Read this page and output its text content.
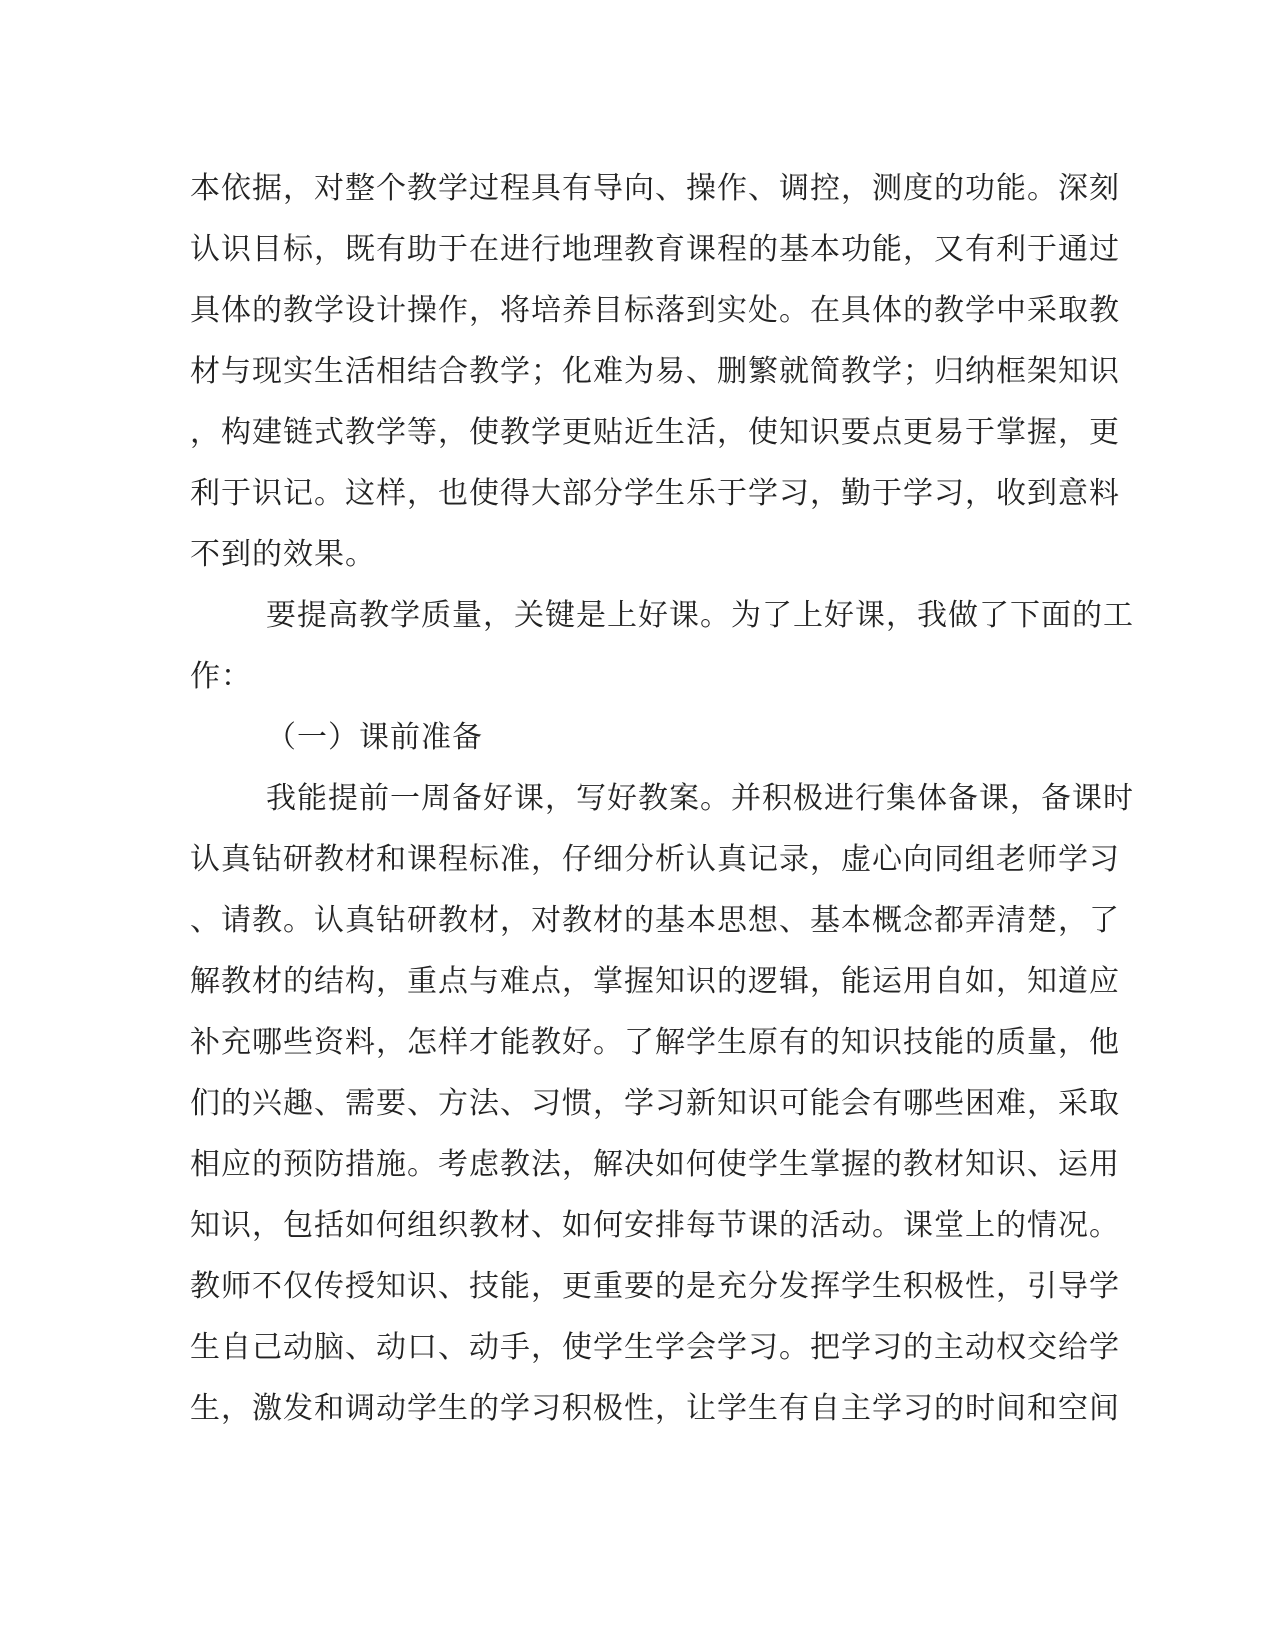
本依据，对整个教学过程具有导向、操作、调控，测度的功能。深刻
认识目标，既有助于在进行地理教育课程的基本功能，又有利于通过
具体的教学设计操作，将培养目标落到实处。在具体的教学中采取教
材与现实生活相结合教学；化难为易、删繁就简教学；归纳框架知识
，构建链式教学等，使教学更贴近生活，使知识要点更易于掌握，更
利于识记。这样，也使得大部分学生乐于学习，勤于学习，收到意料
不到的效果。
要提高教学质量，关键是上好课。为了上好课，我做了下面的工
作：
（一）课前准备
我能提前一周备好课，写好教案。并积极进行集体备课，备课时
认真钻研教材和课程标准，仔细分析认真记录，虚心向同组老师学习
、请教。认真钻研教材，对教材的基本思想、基本概念都弄清楚，了
解教材的结构，重点与难点，掌握知识的逻辑，能运用自如，知道应
补充哪些资料，怎样才能教好。了解学生原有的知识技能的质量，他
们的兴趣、需要、方法、习惯，学习新知识可能会有哪些困难，采取
相应的预防措施。考虑教法，解决如何使学生掌握的教材知识、运用
知识，包括如何组织教材、如何安排每节课的活动。课堂上的情况。
教师不仅传授知识、技能，更重要的是充分发挥学生积极性，引导学
生自己动脑、动口、动手，使学生学会学习。把学习的主动权交给学
生，激发和调动学生的学习积极性，让学生有自主学习的时间和空间
